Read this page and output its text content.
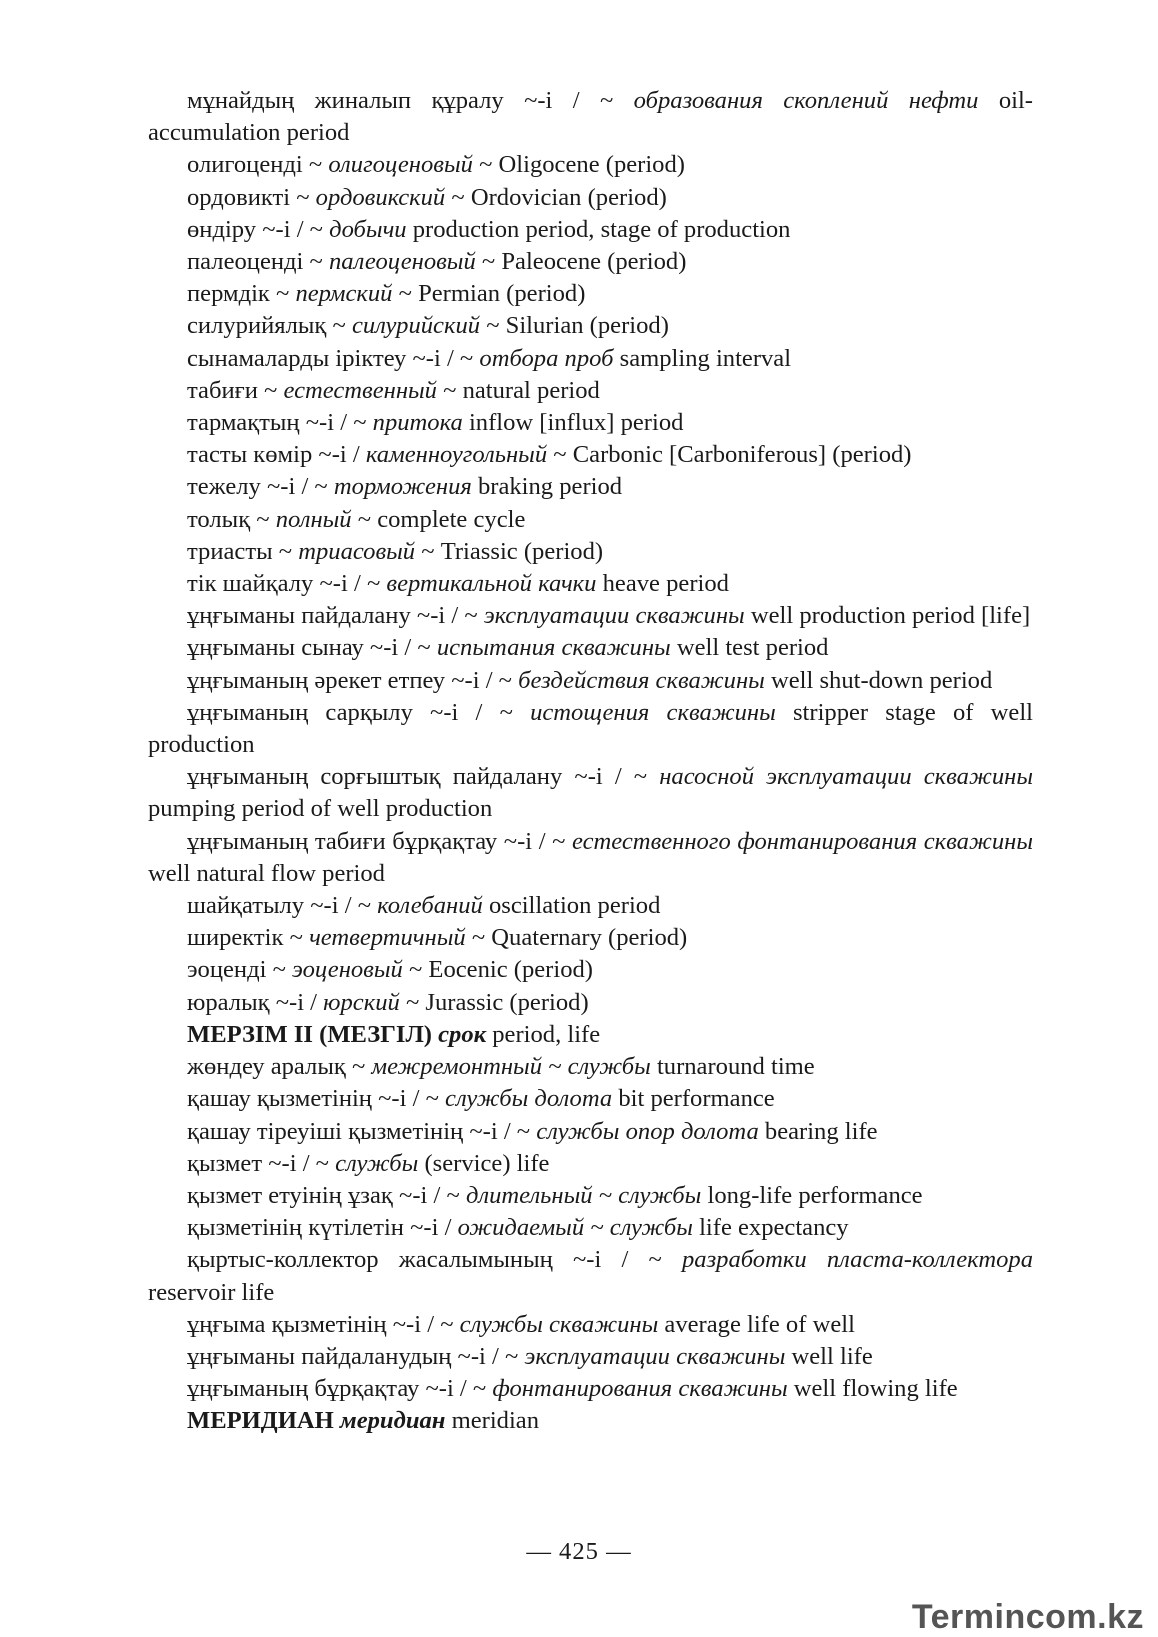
мұнайдың жиналып құралу ~-і / ~ образования скоплений нефти oil-accumulation period

олигоценді ~ олигоценовый ~ Oligocene (period)

ордовикті ~ ордовикский ~ Ordovician (period)

өндіру ~-і / ~ добычи production period, stage of production

палеоценді ~ палеоценовый ~ Paleocene (period)

пермдік ~ пермский ~ Permian (period)

силурийялық ~ силурийский ~ Silurian (period)

сынамаларды іріктеу ~-і / ~ отбора проб sampling interval

табиғи ~ естественный ~ natural period

тармақтың ~-і / ~ притока inflow [influx] period

тасты көмір ~-і / каменноугольный ~ Carbonic [Carboniferous] (period)

тежелу ~-і / ~ торможения braking period

толық ~ полный ~ complete cycle

триасты ~ триасовый ~ Triassic (period)

тік шайқалу ~-і / ~ вертикальной качки heave period

ұңғыманы пайдалану ~-і / ~ эксплуатации скважины well production period [life]

ұңғыманы сынау ~-і / ~ испытания скважины well test period

ұңғыманың әрекет етпеу ~-і / ~ бездействия скважины well shut-down period

ұңғыманың сарқылу ~-і / ~ истощения скважины stripper stage of well production

ұңғыманың сорғыштық пайдалану ~-і / ~ насосной эксплуатации скважины pumping period of well production

ұңғыманың табиғи бұрқақтау ~-і / ~ естественного фонтанирования скважины well natural flow period

шайқатылу ~-і / ~ колебаний oscillation period

ширектік ~ четвертичный ~ Quaternary (period)

эоценді ~ эоценовый ~ Eocenic (period)

юралық ~-і / юрский ~ Jurassic (period)

МЕРЗІМ ІІ (МЕЗГІЛ) срок period, life

жөндеу аралық ~ межремонтный ~ службы turnaround time

қашау қызметінің ~-і / ~ службы долота bit performance

қашау тіреуіші қызметінің ~-і / ~ службы опор долота bearing life

қызмет ~-і / ~ службы (service) life

қызмет етуінің ұзақ ~-і / ~ длительный ~ службы long-life performance

қызметінің күтілетін ~-і / ожидаемый ~ службы life expectancy

қыртыс-коллектор жасалымының ~-і / ~ разработки пласта-коллектора reservoir life

ұңғыма қызметінің ~-і / ~ службы скважины average life of well

ұңғыманы пайдаланудың ~-і / ~ эксплуатации скважины well life

ұңғыманың бұрқақтау ~-і / ~ фонтанирования скважины well flowing life

МЕРИДИАН меридиан meridian

— 425 —
Termincom.kz
